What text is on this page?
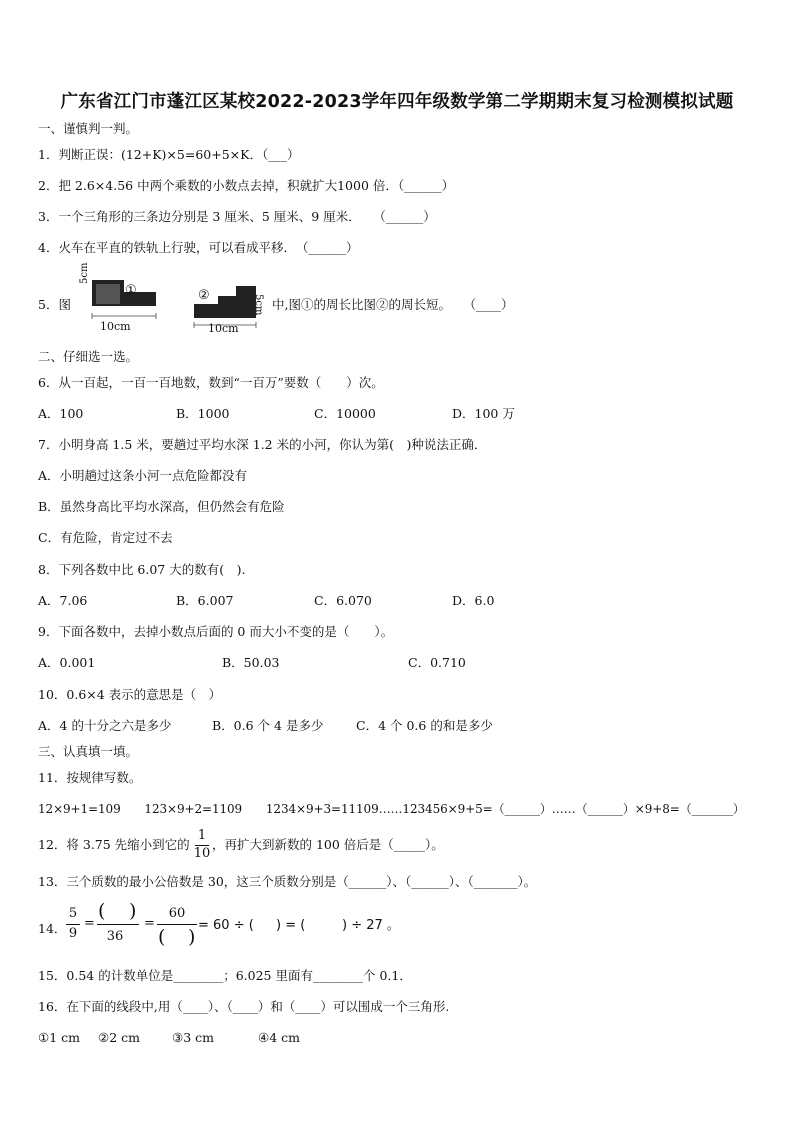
广东省江门市蓬江区某校2022-2023学年四年级数学第二学期期末复习检测模拟试题
一、谨慎判一判。
1．判断正误：(12+K)×5=60+5×K．（___）
2．把 2.6×4.56 中两个乘数的小数点去掉，积就扩大1000 倍．（______）
3．一个三角形的三条边分别是 3 厘米、5 厘米、9 厘米．　　（______）
4．火车在平直的铁轨上行驶，可以看成平移．　（______）
5．图
5cm
①
10cm
②	5cm
10cm
中,图①的周长比图②的周长短。　　（____）
二、仔细选一选。
6．从一百起，一百一百地数，数到“一百万”要数（　　）次。
A．100	B．1000	C．10000	D．100 万
7．小明身高 1.5 米，要趟过平均水深 1.2 米的小河，你认为第(　)种说法正确．
A．小明趟过这条小河一点危险都没有
B．虽然身高比平均水深高，但仍然会有危险
C．有危险，肯定过不去
8．下列各数中比 6.07 大的数有(　).
A．7.06	B．6.007	C．6.070	D．6.0
9．下面各数中，去掉小数点后面的 0 而大小不变的是（　　）。
A．0.001	B．50.03	C．0.710
10．0.6×4 表示的意思是（　）
A．4 的十分之六是多少	B．0.6 个 4 是多少	C．4 个 0.6 的和是多少
三、认真填一填。
11．按规律写数。
12×9+1=109　　123×9+2=1109　　1234×9+3=11109……123456×9+5=（______）……（______）×9+8=（_______）
12．将 3.75 先缩小到它的
1
10
，再扩大到新数的 100 倍后是（_____）。
13．三个质数的最小公倍数是 30，这三个质数分别是（______）、（______）、（_______）。
14．
5
9
=
( )
36
=
60
( )
= 60 ÷ ( ) = (	) ÷ 27 。
15．0.54 的计数单位是________；6.025 里面有________个 0.1．
16．在下面的线段中,用（____）、（____）和（____）可以围成一个三角形.
①1 cm ②2 cm	③3 cm	④4 cm
